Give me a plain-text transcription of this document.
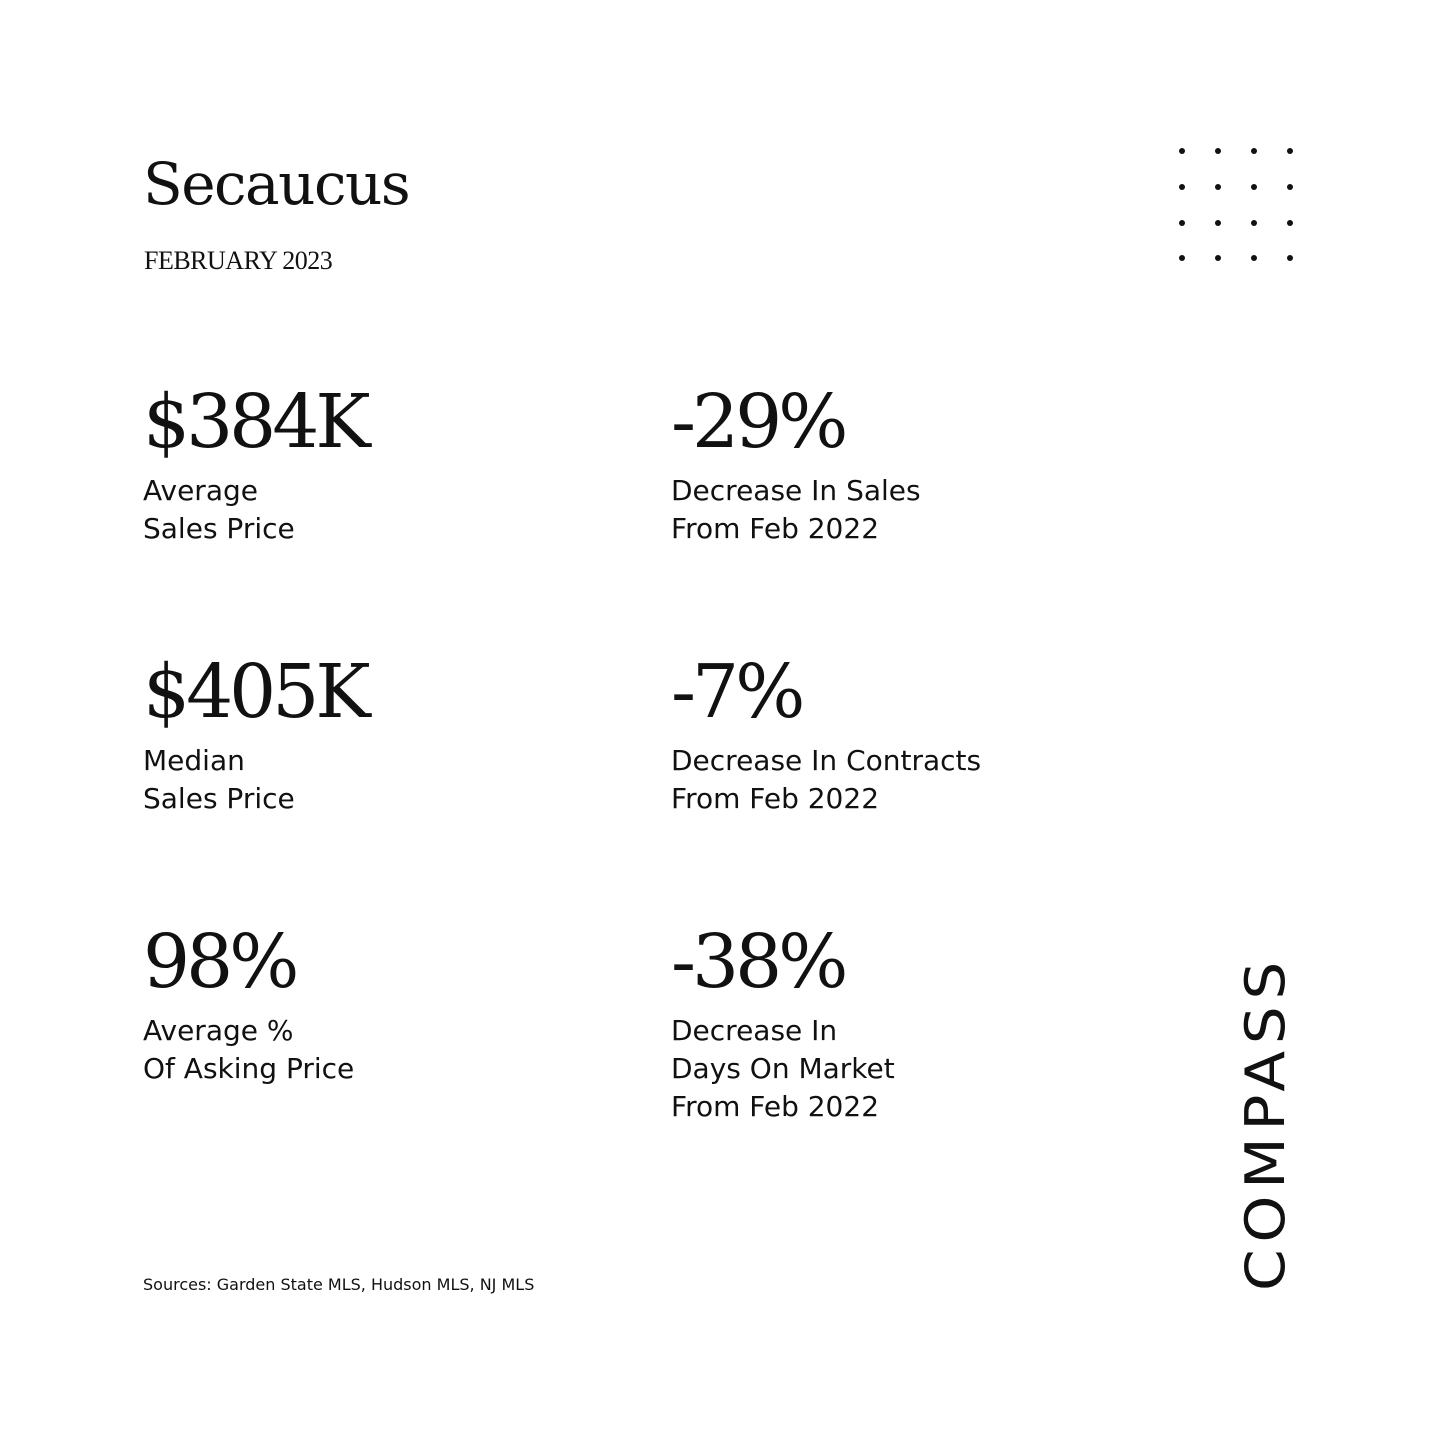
Secaucus
FEBRUARY 2023
$384K
Average
Sales Price
-29%
Decrease In Sales
From Feb 2022
$405K
Median
Sales Price
-7%
Decrease In Contracts
From Feb 2022
98%
Average %
Of Asking Price
-38%
Decrease In
Days On Market
From Feb 2022
Sources: Garden State MLS, Hudson MLS, NJ MLS	COMPASS
